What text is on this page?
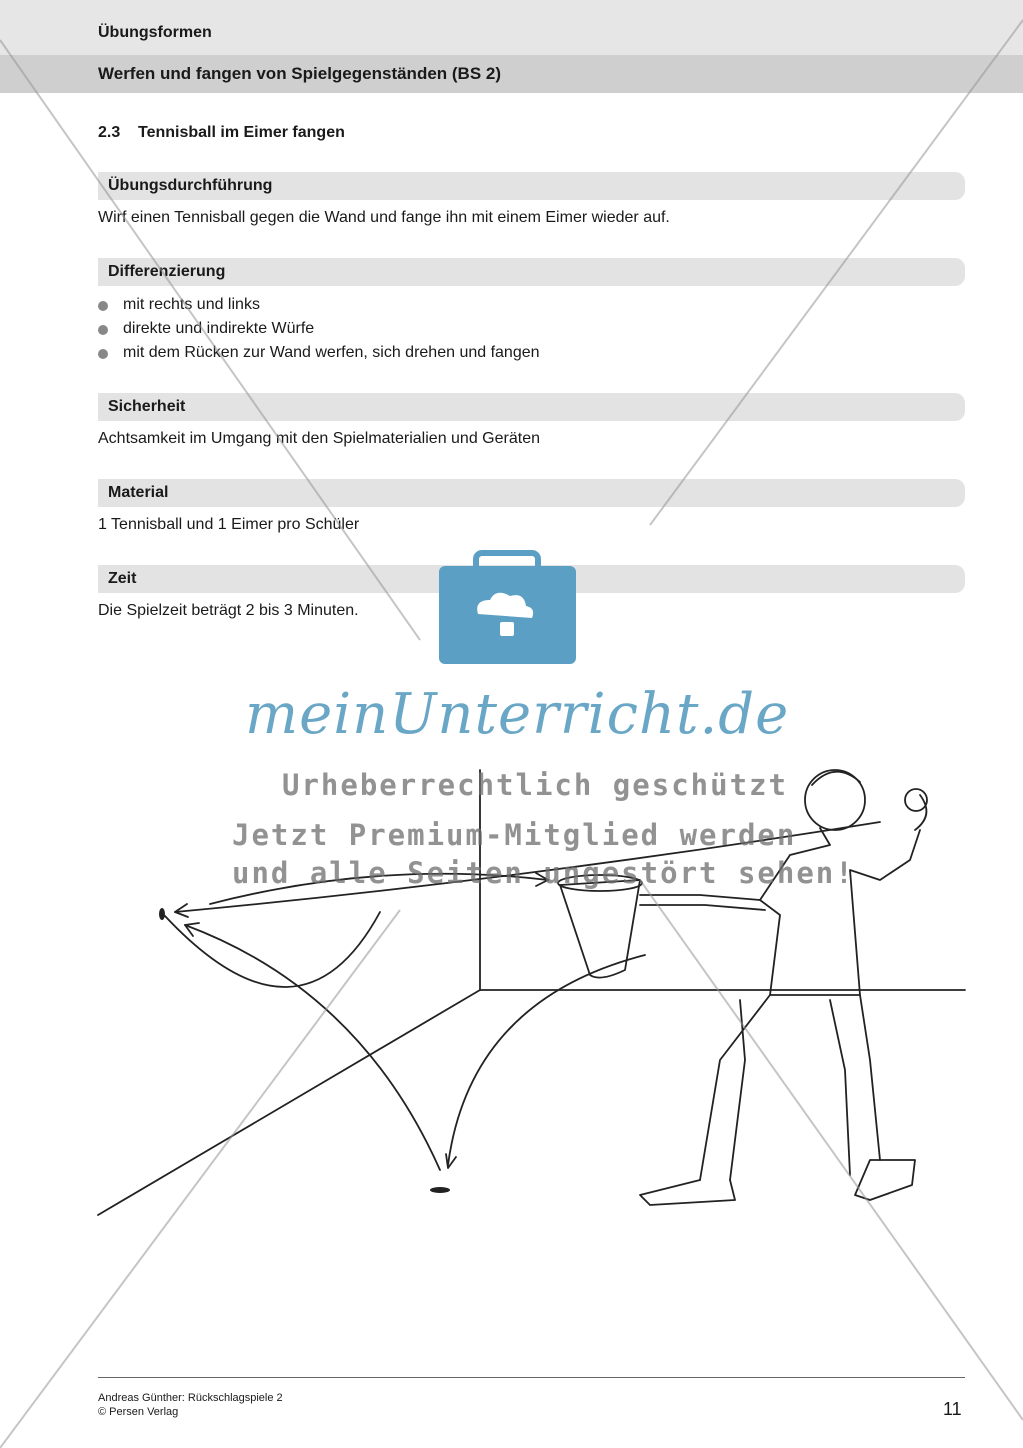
Übungsformen
Werfen und fangen von Spielgegenständen (BS 2)
2.3 Tennisball im Eimer fangen
Übungsdurchführung
Wirf einen Tennisball gegen die Wand und fange ihn mit einem Eimer wieder auf.
Differenzierung
mit rechts und links
direkte und indirekte Würfe
mit dem Rücken zur Wand werfen, sich drehen und fangen
Sicherheit
Achtsamkeit im Umgang mit den Spielmaterialien und Geräten
Material
1 Tennisball und 1 Eimer pro Schüler
Zeit
Die Spielzeit beträgt 2 bis 3 Minuten.
meinUnterricht.de
Urheberrechtlich geschützt
Jetzt Premium-Mitglied werden
und alle Seiten ungestört sehen!
Andreas Günther: Rückschlagspiele 2
© Persen Verlag	11
